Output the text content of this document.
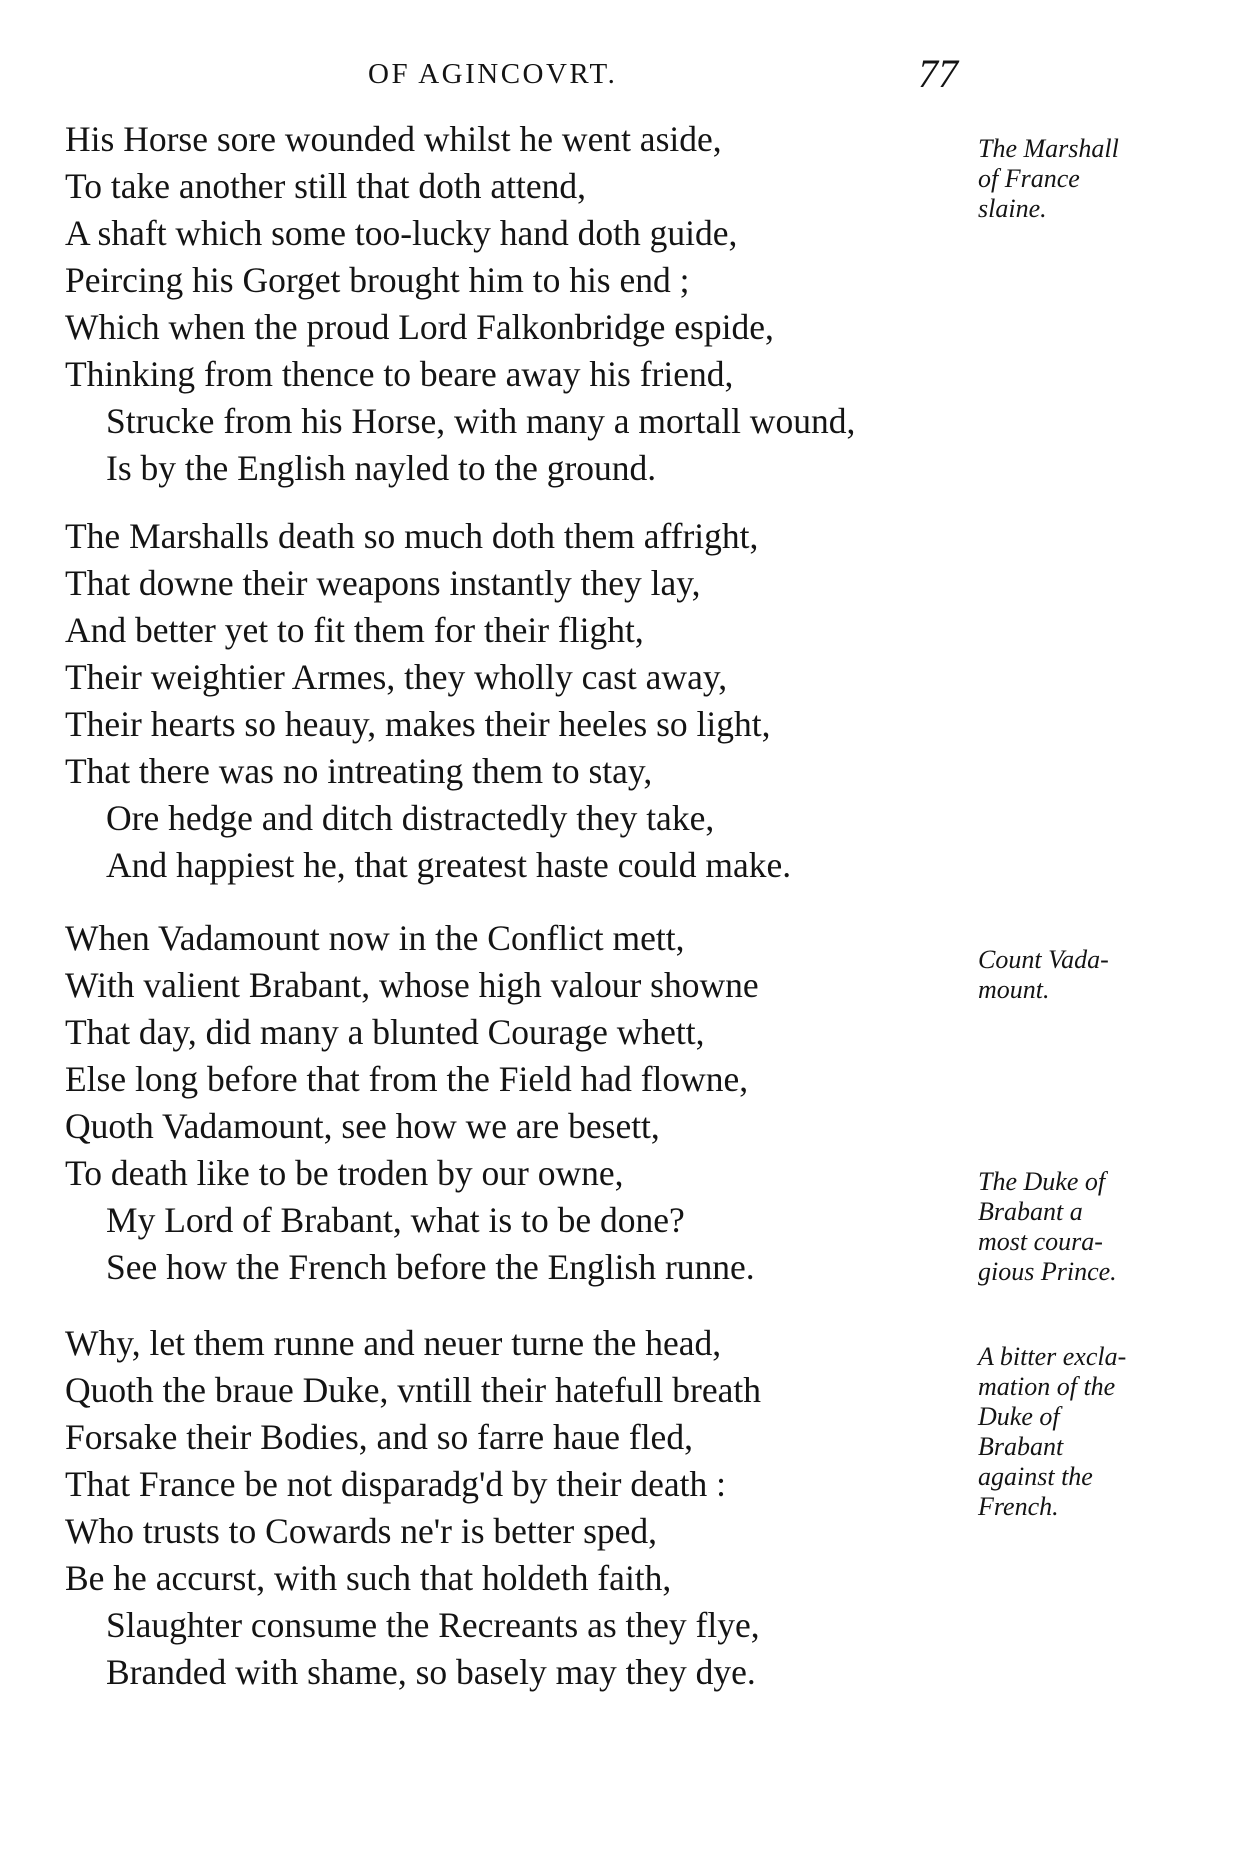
OF AGINCOVRT.	77
His Horse sore wounded whilst he went aside,
To take another still that doth attend,
A shaft which some too-lucky hand doth guide,
Peircing his Gorget brought him to his end ;
Which when the proud Lord Falkonbridge espide,
Thinking from thence to beare away his friend,
Strucke from his Horse, with many a mortall wound,
Is by the English nayled to the ground.
The Marshalls death so much doth them affright,
That downe their weapons instantly they lay,
And better yet to fit them for their flight,
Their weightier Armes, they wholly cast away,
Their hearts so heauy, makes their heeles so light,
That there was no intreating them to stay,
Ore hedge and ditch distractedly they take,
And happiest he, that greatest haste could make.
When Vadamount now in the Conflict mett,
With valient Brabant, whose high valour showne
That day, did many a blunted Courage whett,
Else long before that from the Field had flowne,
Quoth Vadamount, see how we are besett,
To death like to be troden by our owne,
My Lord of Brabant, what is to be done?
See how the French before the English runne.
Why, let them runne and neuer turne the head,
Quoth the braue Duke, vntill their hatefull breath
Forsake their Bodies, and so farre haue fled,
That France be not disparadg'd by their death :
Who trusts to Cowards ne'r is better sped,
Be he accurst, with such that holdeth faith,
Slaughter consume the Recreants as they flye,
Branded with shame, so basely may they dye.
The Marshall
of France
slaine.
Count Vada-
mount.
The Duke of
Brabant a
most coura-
gious Prince.
A bitter excla-
mation of the
Duke of
Brabant
against the
French.
